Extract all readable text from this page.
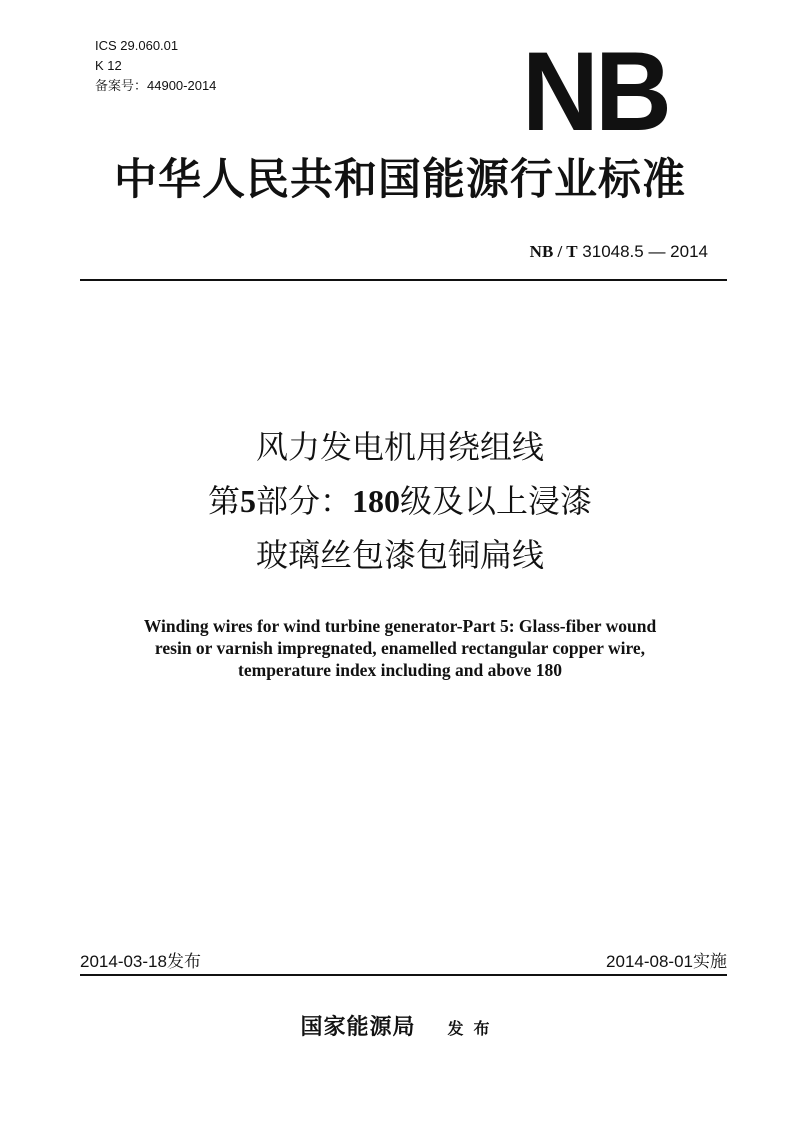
ICS 29.060.01
K 12
备案号：44900-2014	NB
中华人民共和国能源行业标准
NB / T 31048.5 — 2014
风力发电机用绕组线
第5部分：180级及以上浸漆
玻璃丝包漆包铜扁线
Winding wires for wind turbine generator-Part 5: Glass-fiber wound
resin or varnish impregnated, enamelled rectangular copper wire,
temperature index including and above 180
2014-03-18发布	2014-08-01实施
国家能源局 发布
